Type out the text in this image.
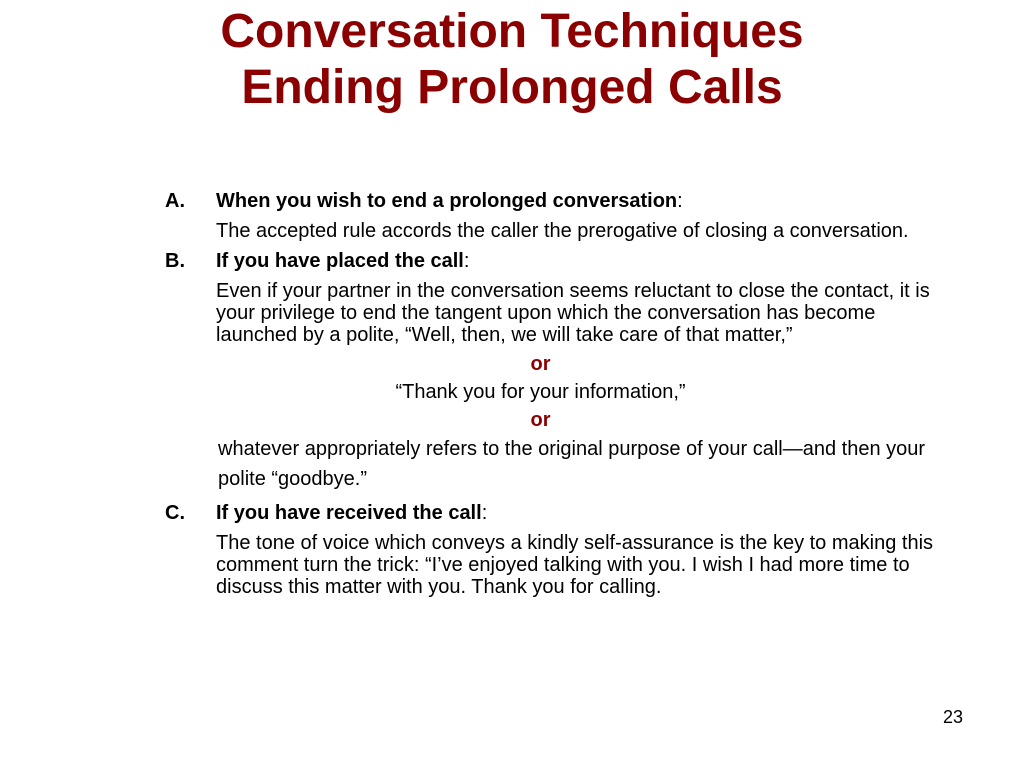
Conversation Techniques
Ending Prolonged Calls
A.	When you wish to end a prolonged conversation:
The accepted rule accords the caller the prerogative of closing a conversation.
B.	If you have placed the call:
Even if your partner in the conversation seems reluctant to close the contact, it is your privilege to end the tangent upon which the conversation has become launched by a polite, “Well, then, we will take care of that matter,”
or
“Thank you for your information,”
or
whatever appropriately refers to the original purpose of your call—and then your polite “goodbye.”
C.	If you have received the call:
The tone of voice which conveys a kindly self-assurance is the key to making this comment turn the trick: “I’ve enjoyed talking with you. I wish I had more time to discuss this matter with you. Thank you for calling.
23
